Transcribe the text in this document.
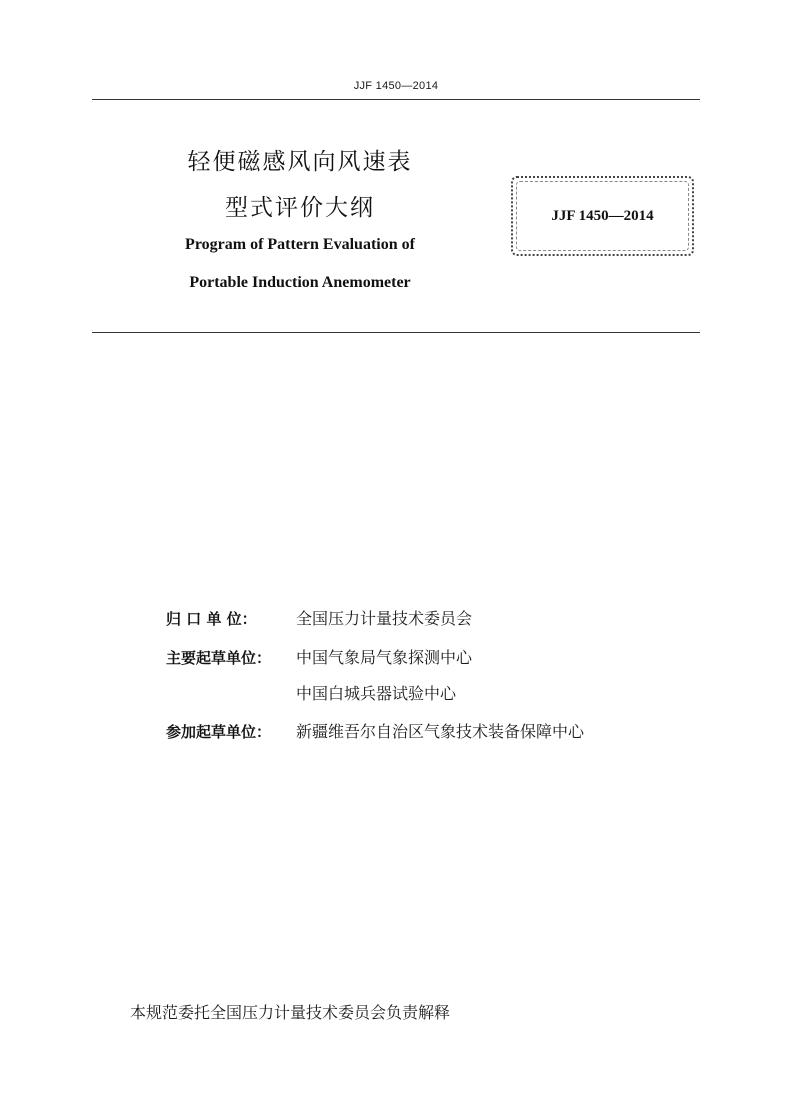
JJF 1450—2014
轻便磁感风向风速表
型式评价大纲
Program of Pattern Evaluation of
Portable Induction Anemometer
JJF 1450—2014
归 口 单 位：	全国压力计量技术委员会
主要起草单位：	中国气象局气象探测中心
中国白城兵器试验中心
参加起草单位：	新疆维吾尔自治区气象技术装备保障中心
本规范委托全国压力计量技术委员会负责解释
